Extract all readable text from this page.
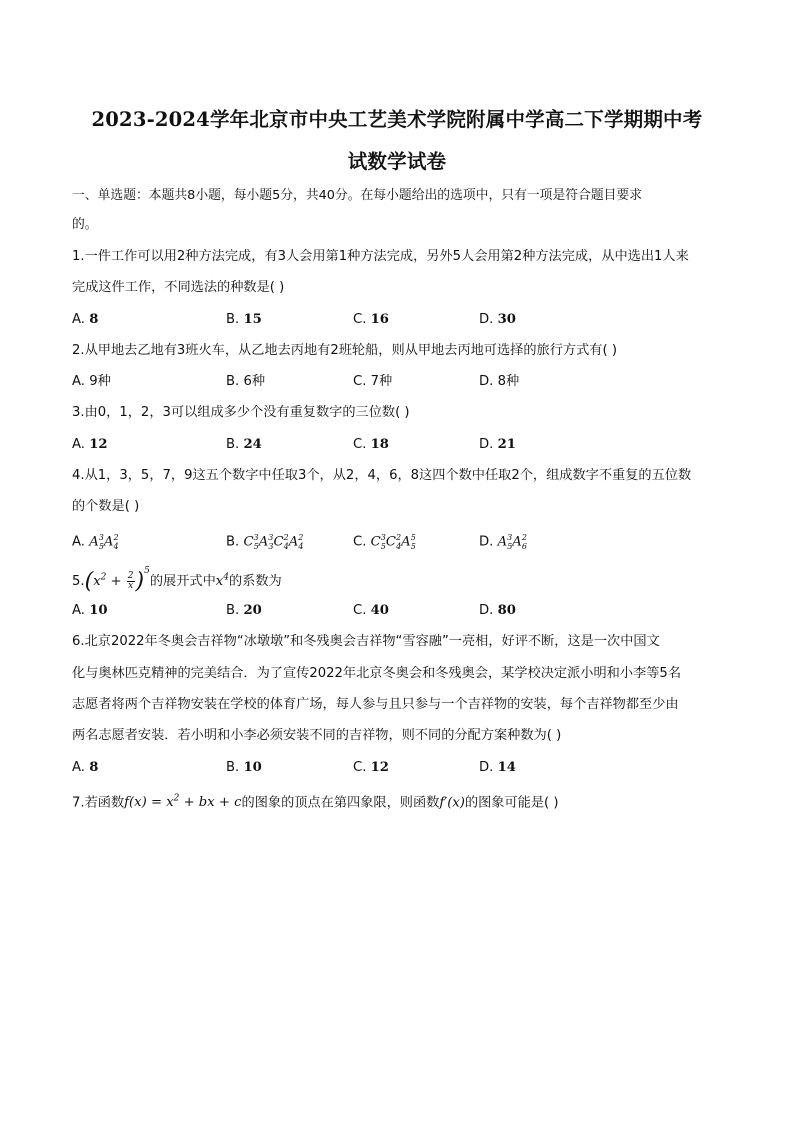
2023-2024学年北京市中央工艺美术学院附属中学高二下学期期中考
试数学试卷
一、单选题：本题共8小题，每小题5分，共40分。在每小题给出的选项中，只有一项是符合题目要求
的。
1.一件工作可以用2种方法完成，有3人会用第1种方法完成，另外5人会用第2种方法完成，从中选出1人来
完成这件工作，不同选法的种数是( )
A. 8	B. 15	C. 16	D. 30
2.从甲地去乙地有3班火车，从乙地去丙地有2班轮船，则从甲地去丙地可选择的旅行方式有( )
A. 9种	B. 6种	C. 7种	D. 8种
3.由0，1，2，3可以组成多少个没有重复数字的三位数( )
A. 12	B. 24	C. 18	D. 21
4.从1，3，5，7，9这五个数字中任取3个，从2，4，6，8这四个数中任取2个，组成数字不重复的五位数
的个数是( )
A. $A^3_5A^2_4$	B. $C^3_5A^3_3C^2_4A^2_4$	C. $C^3_5C^2_4A^5_5$	D. $A^3_5A^2_6$
$5.(x^2 + \frac{2}{x} )^5$的展开式中$x^4$的系数为
A. 10	B. 20	C. 40	D. 80
6.北京2022年冬奥会吉祥物“冰墩墩”和冬残奥会吉祥物“雪容融”一亮相，好评不断，这是一次中国文
化与奥林匹克精神的完美结合．为了宣传2022年北京冬奥会和冬残奥会，某学校决定派小明和小李等5名
志愿者将两个吉祥物安装在学校的体育广场，每人参与且只参与一个吉祥物的安装，每个吉祥物都至少由
两名志愿者安装．若小明和小李必须安装不同的吉祥物，则不同的分配方案种数为( )
A. 8	B. 10	C. 12	D. 14
7.若函数$f(x) = x^2$ + bx + c的图象的顶点在第四象限，则函数f′(x)的图象可能是( )
